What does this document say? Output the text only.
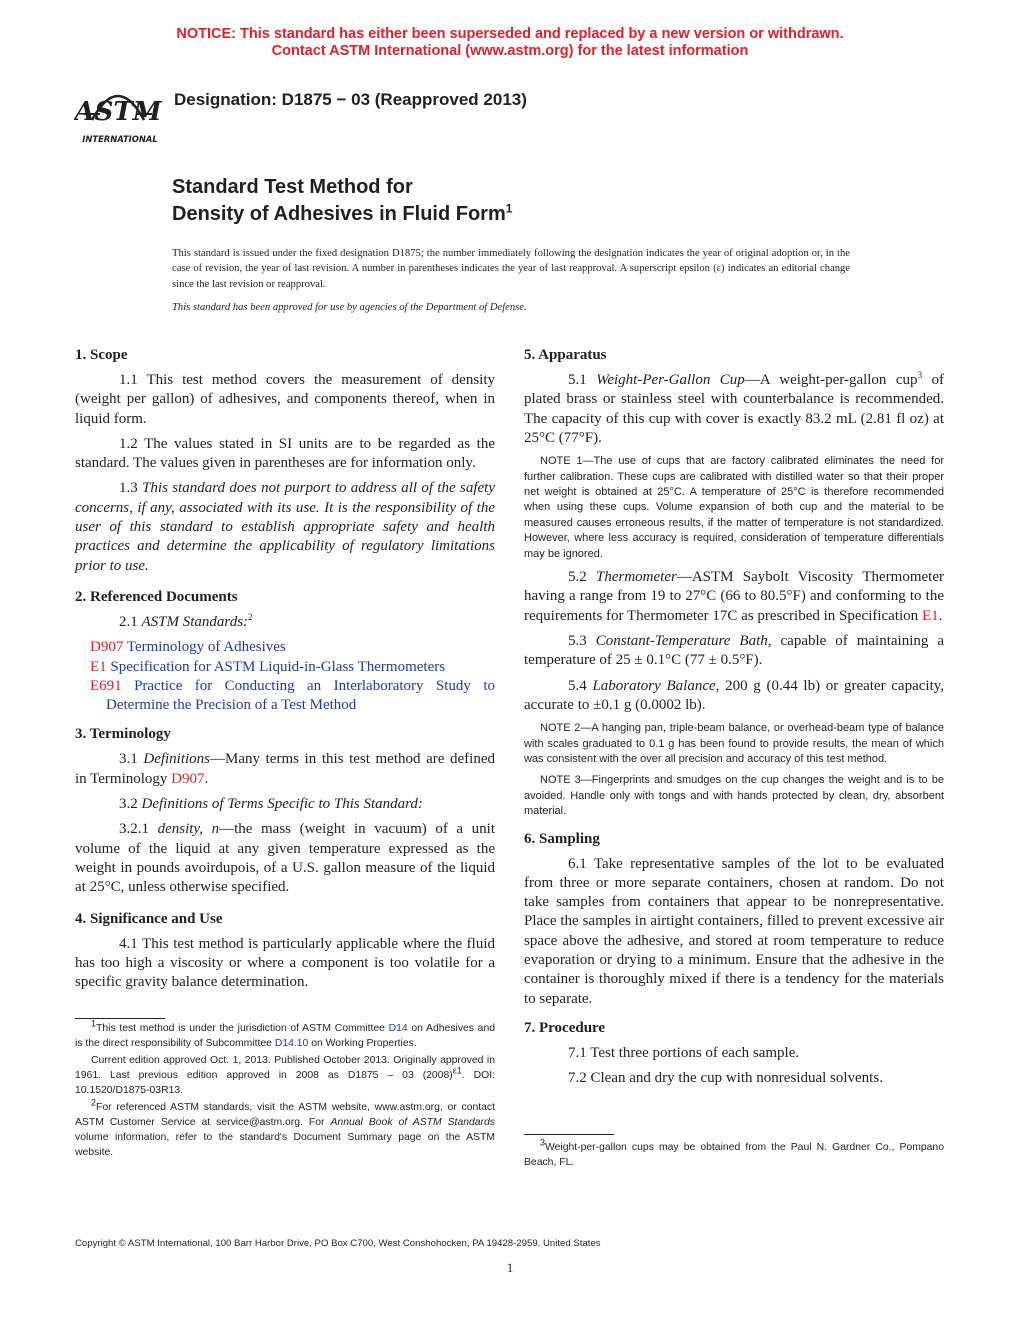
NOTICE: This standard has either been superseded and replaced by a new version or withdrawn.
Contact ASTM International (www.astm.org) for the latest information
ASTM
INTERNATIONAL
Designation: D1875 − 03 (Reapproved 2013)
Standard Test Method for
Density of Adhesives in Fluid Form$^1$
This standard is issued under the fixed designation D1875; the number immediately following the designation indicates the year of original adoption or, in the case of revision, the year of last revision. A number in parentheses indicates the year of last reapproval. A superscript epsilon (ε) indicates an editorial change since the last revision or reapproval.
This standard has been approved for use by agencies of the Department of Defense.
1. Scope

1.1 This test method covers the measurement of density (weight per gallon) of adhesives, and components thereof, when in liquid form.

1.2 The values stated in SI units are to be regarded as the standard. The values given in parentheses are for information only.

1.3 This standard does not purport to address all of the safety concerns, if any, associated with its use. It is the responsibility of the user of this standard to establish appropriate safety and health practices and determine the applicability of regulatory limitations prior to use.

2. Referenced Documents

2.1 ASTM Standards:$^2$

D907 Terminology of Adhesives
E1 Specification for ASTM Liquid-in-Glass Thermometers
E691 Practice for Conducting an Interlaboratory Study to Determine the Precision of a Test Method
3. Terminology

3.1 Definitions—Many terms in this test method are defined in Terminology D907.

3.2 Definitions of Terms Specific to This Standard:

3.2.1 density, n—the mass (weight in vacuum) of a unit volume of the liquid at any given temperature expressed as the weight in pounds avoirdupois, of a U.S. gallon measure of the liquid at 25°C, unless otherwise specified.

4. Significance and Use

4.1 This test method is particularly applicable where the fluid has too high a viscosity or where a component is too volatile for a specific gravity balance determination.

$^1$This test method is under the jurisdiction of ASTM Committee D14 on Adhesives and is the direct responsibility of Subcommittee D14.10 on Working Properties.

Current edition approved Oct. 1, 2013. Published October 2013. Originally approved in 1961. Last previous edition approved in 2008 as D1875 – 03 $(2008)^{\varepsilon 1}$. DOI: 10.1520/D1875-03R13.

$^2$For referenced ASTM standards, visit the ASTM website, www.astm.org, or contact ASTM Customer Service at service@astm.org. For Annual Book of ASTM Standards volume information, refer to the standard's Document Summary page on the ASTM website.

5. Apparatus

5.1 Weight-Per-Gallon Cup—A weight-per-gallon cup$^3$ of plated brass or stainless steel with counterbalance is recommended. The capacity of this cup with cover is exactly 83.2 mL (2.81 fl oz) at 25°C (77°F).

NOTE 1—The use of cups that are factory calibrated eliminates the need for further calibration. These cups are calibrated with distilled water so that their proper net weight is obtained at 25°C. A temperature of 25°C is therefore recommended when using these cups. Volume expansion of both cup and the material to be measured causes erroneous results, if the matter of temperature is not standardized. However, where less accuracy is required, consideration of temperature differentials may be ignored.

5.2 Thermometer—ASTM Saybolt Viscosity Thermometer having a range from 19 to 27°C (66 to 80.5°F) and conforming to the requirements for Thermometer 17C as prescribed in Specification E1.

5.3 Constant-Temperature Bath, capable of maintaining a temperature of 25 ± 0.1°C (77 ± 0.5°F).

5.4 Laboratory Balance, 200 g (0.44 lb) or greater capacity, accurate to ±0.1 g (0.0002 lb).

NOTE 2—A hanging pan, triple-beam balance, or overhead-beam type of balance with scales graduated to 0.1 g has been found to provide results, the mean of which was consistent with the over all precision and accuracy of this test method.
NOTE 3—Fingerprints and smudges on the cup changes the weight and is to be avoided. Handle only with tongs and with hands protected by clean, dry, absorbent material.
6. Sampling

6.1 Take representative samples of the lot to be evaluated from three or more separate containers, chosen at random. Do not take samples from containers that appear to be nonrepresentative. Place the samples in airtight containers, filled to prevent excessive air space above the adhesive, and stored at room temperature to reduce evaporation or drying to a minimum. Ensure that the adhesive in the container is thoroughly mixed if there is a tendency for the materials to separate.

7. Procedure

7.1 Test three portions of each sample.

7.2 Clean and dry the cup with nonresidual solvents.

$^3$Weight-per-gallon cups may be obtained from the Paul N. Gardner Co., Pompano Beach, FL.

Copyright © ASTM International, 100 Barr Harbor Drive, PO Box C700, West Conshohocken, PA 19428-2959. United States
1
